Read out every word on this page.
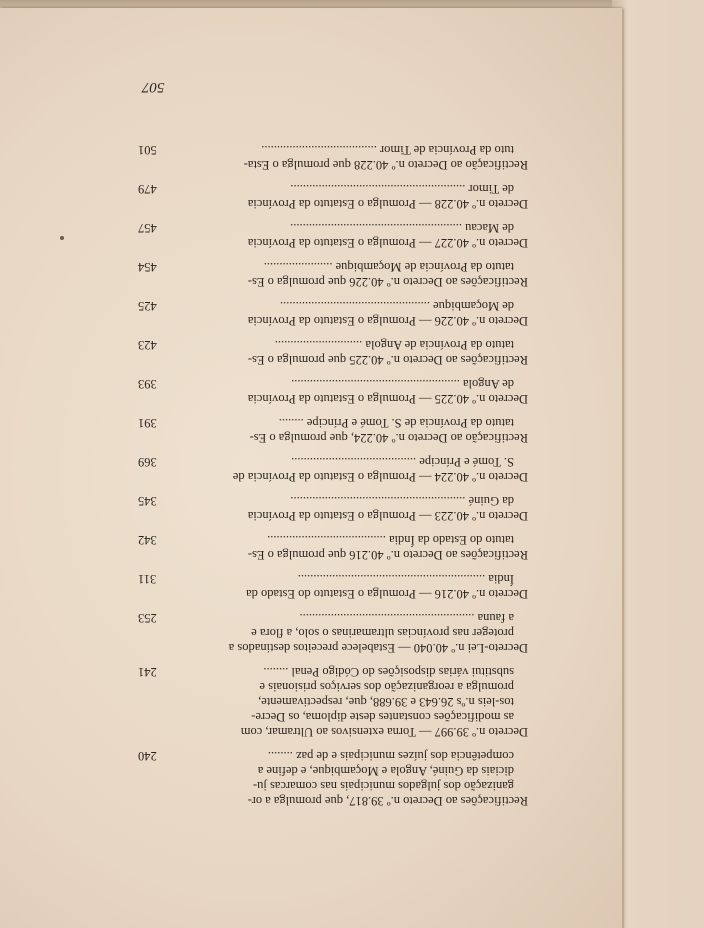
Rectificações ao Decreto n.º 39.817, que promulga a or-
ganização dos julgados municipais nas comarcas ju-
diciais da Guiné, Angola e Moçambique, e define a
competência dos juízes municipais e de paz ........
240
Decreto n.º 39.997 — Torna extensivos ao Ultramar, com
as modificações constantes deste diploma, os Decre-
tos-leis n.ºs 26.643 e 39.688, que, respectivamente,
promulga a reorganização dos serviços prisionais e
substitui várias disposições do Código Penal ........
241
Decreto-Lei n.º 40.040 — Estabelece preceitos destinados a
proteger nas províncias ultramarinas o solo, a flora e
a fauna ........................................................
253
Decreto n.º 40.216 — Promulga o Estatuto do Estado da
Índia ............................................................
311
Rectificações ao Decreto n.º 40.216 que promulga o Es-
tatuto do Estado da Índia ......................................
342
Decreto n.º 40.223 — Promulga o Estatuto da Província
da Guiné ........................................................
345
Decreto n.º 40.224 — Promulga o Estatuto da Província de
S. Tomé e Príncipe ........................................
369
Rectificação ao Decreto n.º 40.224, que promulga o Es-
tatuto da Província de S. Tomé e Príncipe ........
391
Decreto n.º 40.225 — Promulga o Estatuto da Província
de Angola ......................................................
393
Rectificações ao Decreto n.º 40.225 que promulga o Es-
tatuto da Província de Angola ............................
423
Decreto n.º 40.226 — Promulga o Estatuto da Província
de Moçambique ................................................
425
Rectificações ao Decreto n.º 40.226 que promulga o Es-
tatuto da Província de Moçambique ......................
454
Decreto n.º 40.227 — Promulga o Estatuto da Província
de Macau .......................................................
457
Decreto n.º 40.228 — Promulga o Estatuto da Província
de Timor ........................................................
479
Rectificação ao Decreto n.º 40.228 que promulga o Esta-
tuto da Província de Timor .....................................
501
507
